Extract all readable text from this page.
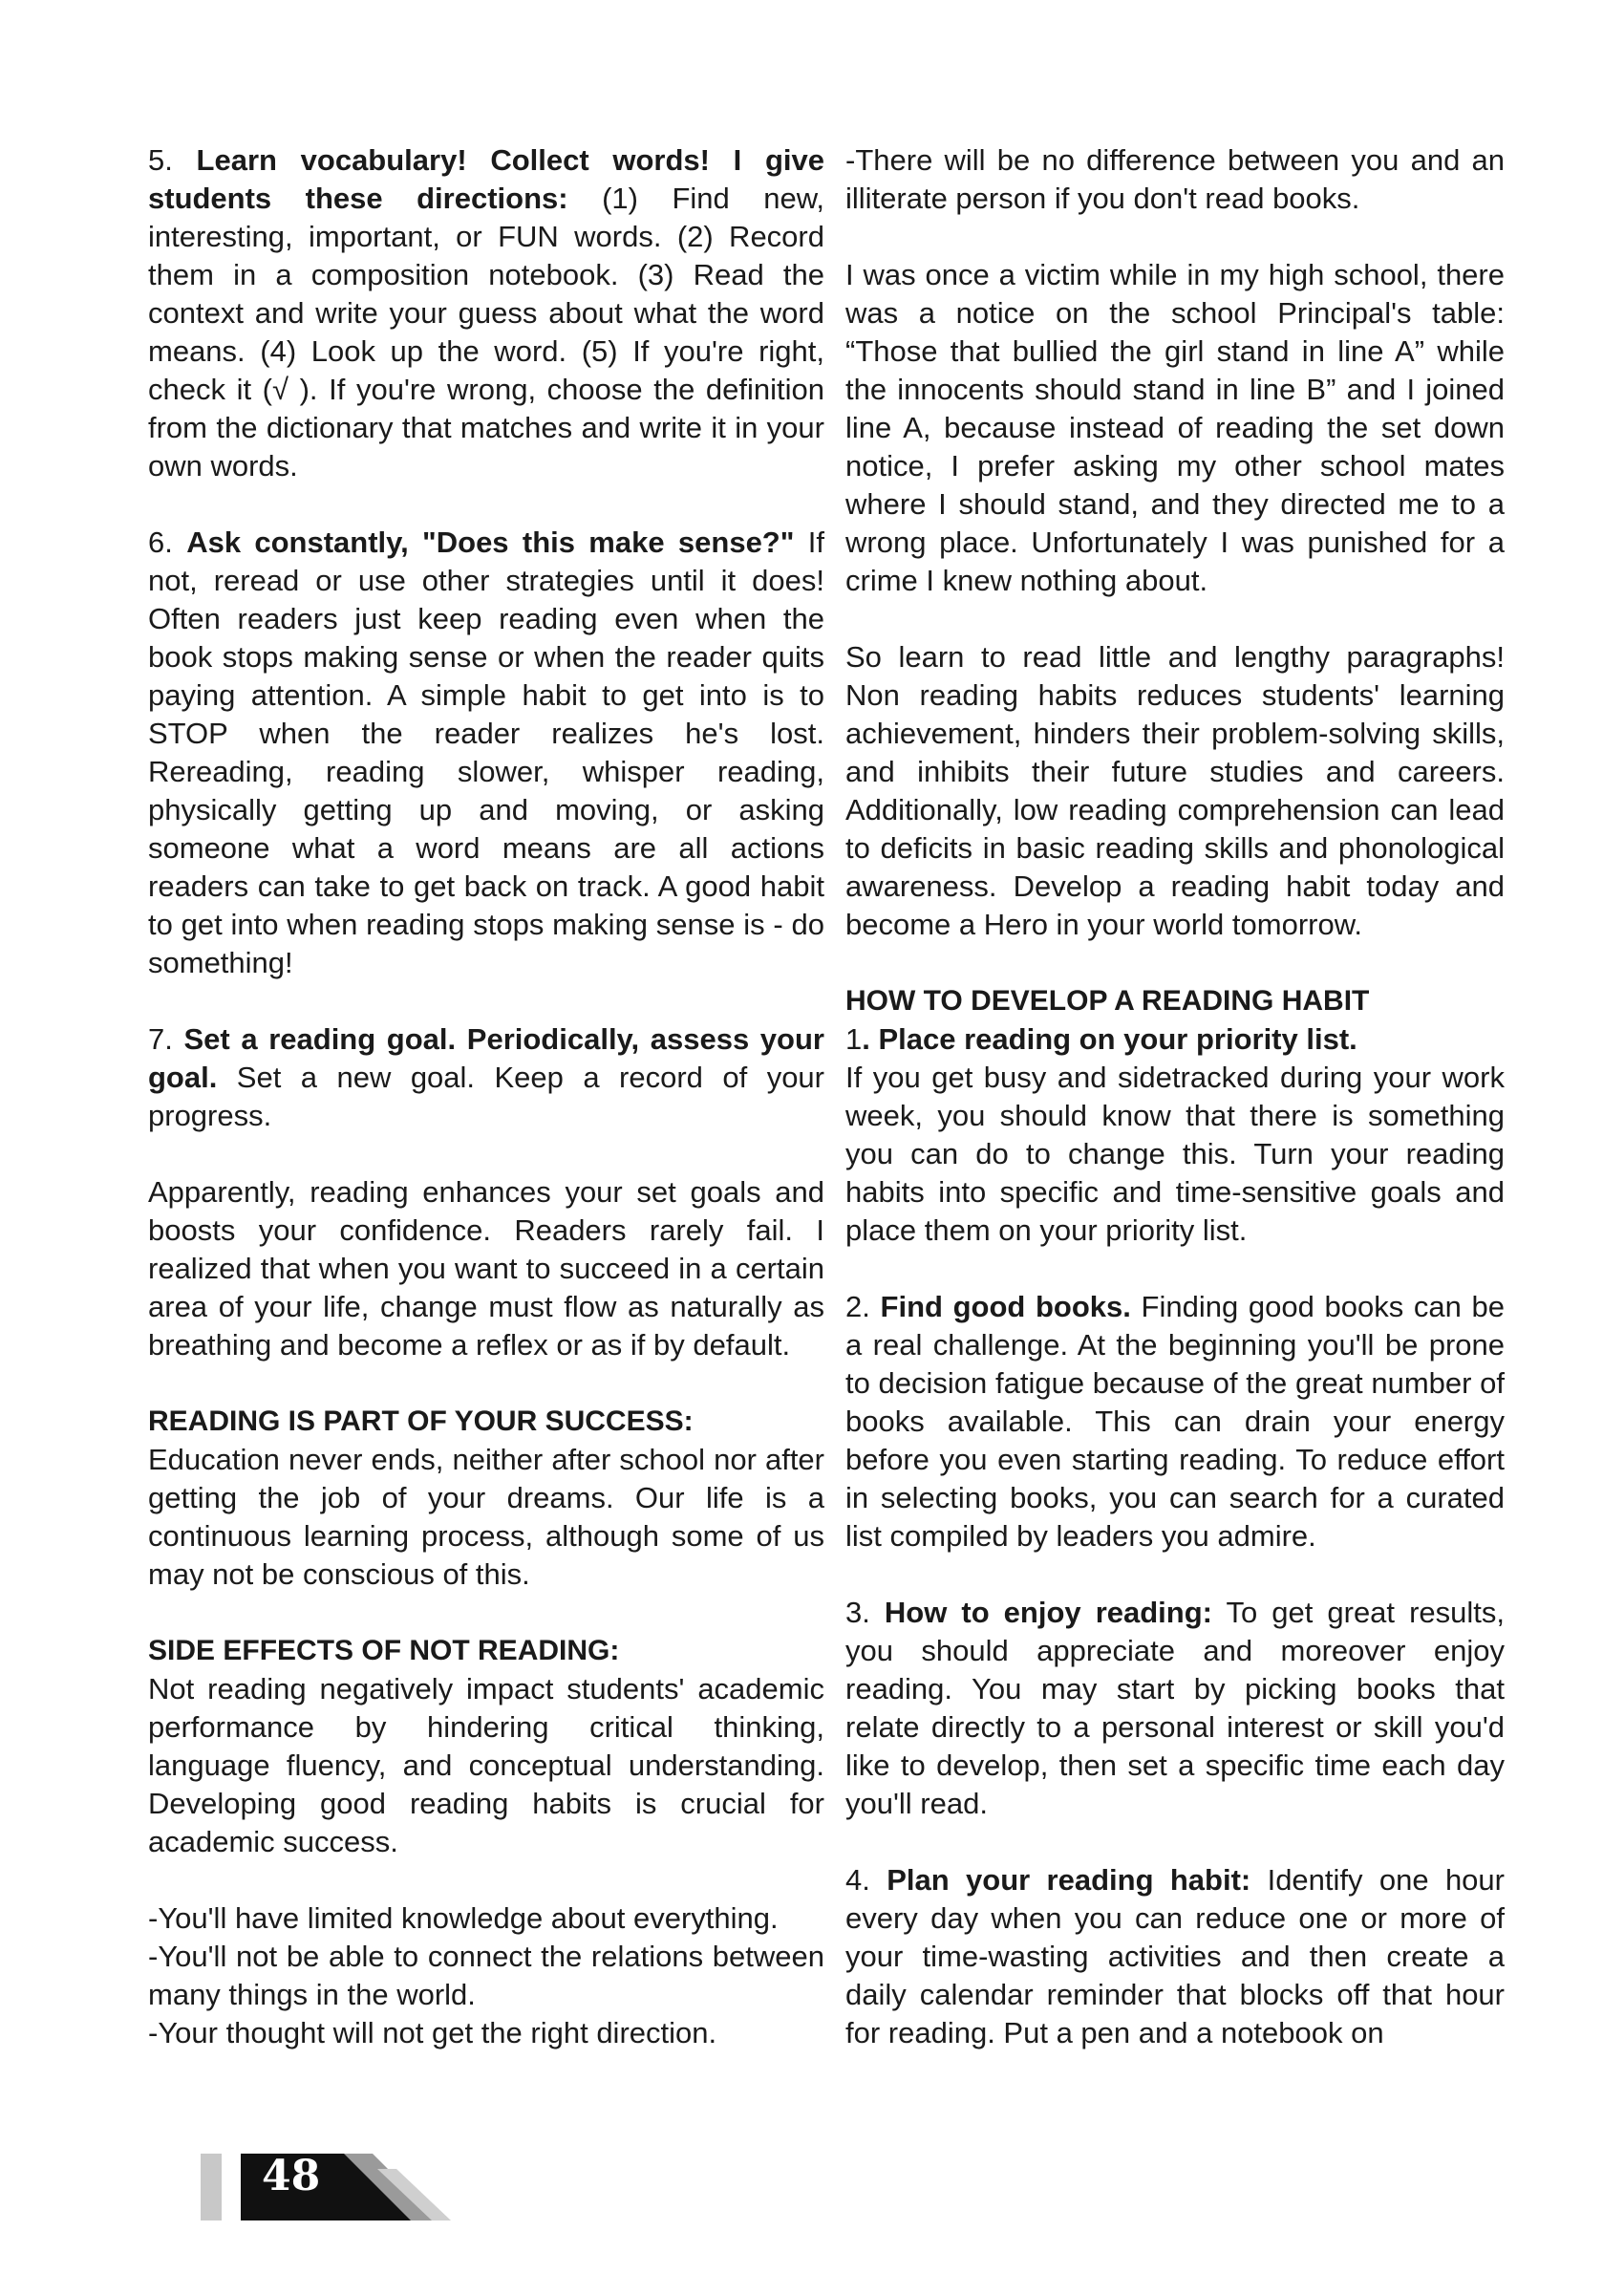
5. Learn vocabulary! Collect words! I give students these directions: (1) Find new, interesting, important, or FUN words. (2) Record them in a composition notebook. (3) Read the context and write your guess about what the word means. (4) Look up the word. (5) If you're right, check it (√ ). If you're wrong, choose the definition from the dictionary that matches and write it in your own words.

6. Ask constantly, "Does this make sense?" If not, reread or use other strategies until it does! Often readers just keep reading even when the book stops making sense or when the reader quits paying attention. A simple habit to get into is to STOP when the reader realizes he's lost. Rereading, reading slower, whisper reading, physically getting up and moving, or asking someone what a word means are all actions readers can take to get back on track. A good habit to get into when reading stops making sense is - do something!

7. Set a reading goal. Periodically, assess your goal. Set a new goal. Keep a record of your progress.

Apparently, reading enhances your set goals and boosts your confidence. Readers rarely fail. I realized that when you want to succeed in a certain area of your life, change must flow as naturally as breathing and become a reflex or as if by default.

READING IS PART OF YOUR SUCCESS:

Education never ends, neither after school nor after getting the job of your dreams. Our life is a continuous learning process, although some of us may not be conscious of this.

SIDE EFFECTS OF NOT READING:

Not reading negatively impact students' academic performance by hindering critical thinking, language fluency, and conceptual understanding. Developing good reading habits is crucial for academic success.

-You'll have limited knowledge about everything.

-You'll not be able to connect the relations between many things in the world.

-Your thought will not get the right direction.

-There will be no difference between you and an illiterate person if you don't read books.

I was once a victim while in my high school, there was a notice on the school Principal's table: “Those that bullied the girl stand in line A” while the innocents should stand in line B” and I joined line A, because instead of reading the set down notice, I prefer asking my other school mates where I should stand, and they directed me to a wrong place. Unfortunately I was punished for a crime I knew nothing about.

So learn to read little and lengthy paragraphs! Non reading habits reduces students' learning achievement, hinders their problem-solving skills, and inhibits their future studies and careers. Additionally, low reading comprehension can lead to deficits in basic reading skills and phonological awareness. Develop a reading habit today and become a Hero in your world tomorrow.

HOW TO DEVELOP A READING HABIT

1. Place reading on your priority list.

If you get busy and sidetracked during your work week, you should know that there is something you can do to change this. Turn your reading habits into specific and time-sensitive goals and place them on your priority list.

2. Find good books. Finding good books can be a real challenge. At the beginning you'll be prone to decision fatigue because of the great number of books available. This can drain your energy before you even starting reading. To reduce effort in selecting books, you can search for a curated list compiled by leaders you admire.

3. How to enjoy reading: To get great results, you should appreciate and moreover enjoy reading. You may start by picking books that relate directly to a personal interest or skill you'd like to develop, then set a specific time each day you'll read.

4. Plan your reading habit: Identify one hour every day when you can reduce one or more of your time-wasting activities and then create a daily calendar reminder that blocks off that hour for reading. Put a pen and a notebook on

48
